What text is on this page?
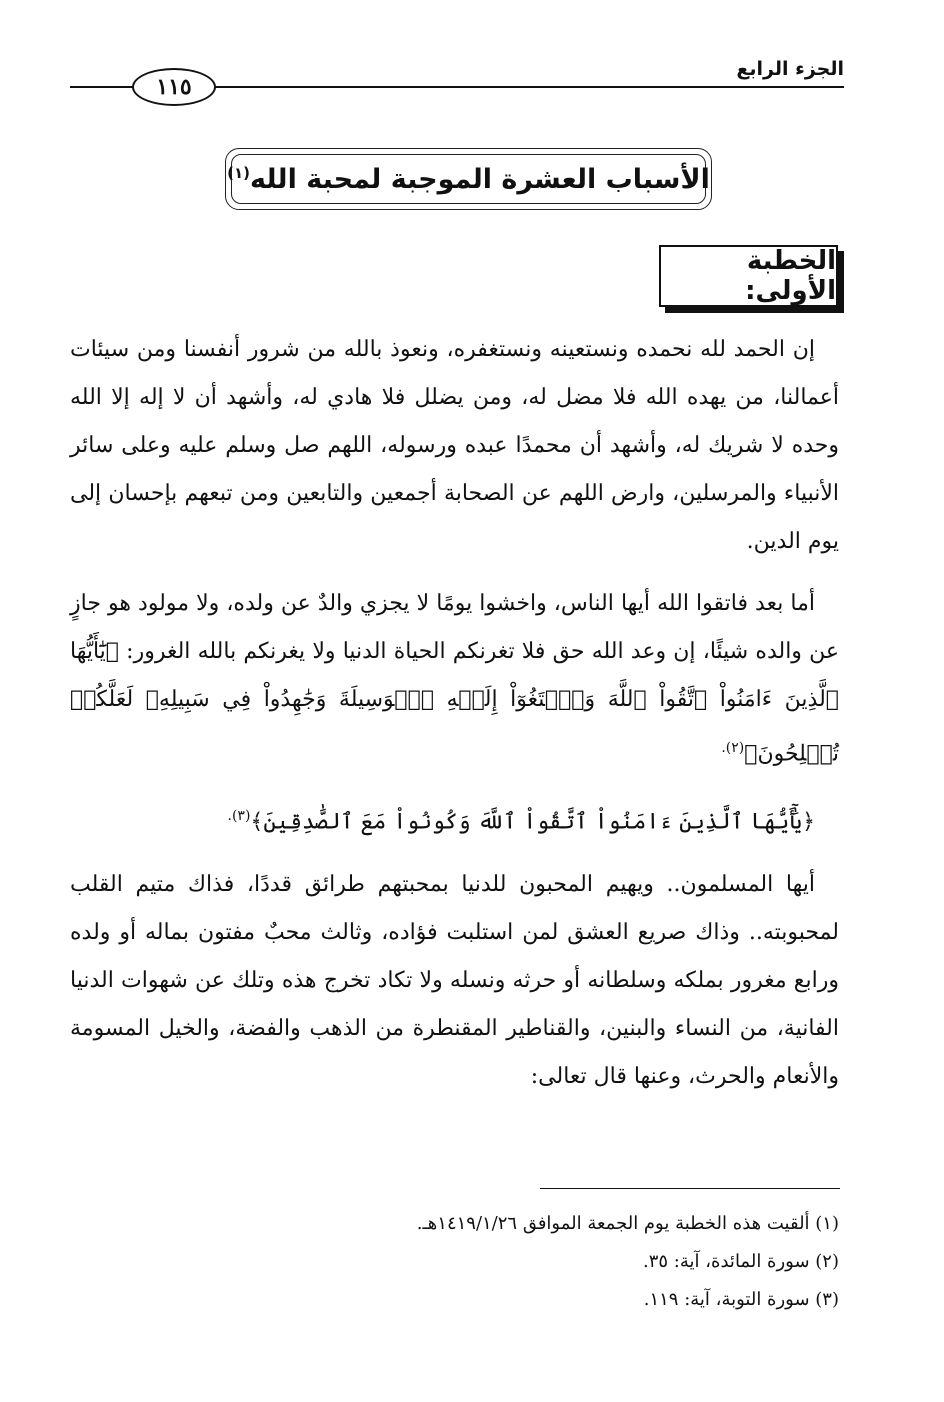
الجزء الرابع
١١٥
الأسباب العشرة الموجبة لمحبة الله$^{(١)}$
الخطبة الأولى:

إن الحمد لله نحمده ونستعينه ونستغفره، ونعوذ بالله من شرور أنفسنا ومن سيئات أعمالنا، من يهده الله فلا مضل له، ومن يضلل فلا هادي له، وأشهد أن لا إله إلا الله وحده لا شريك له، وأشهد أن محمدًا عبده ورسوله، اللهم صل وسلم عليه وعلى سائر الأنبياء والمرسلين، وارض اللهم عن الصحابة أجمعين والتابعين ومن تبعهم بإحسان إلى يوم الدين.

أما بعد فاتقوا الله أيها الناس، واخشوا يومًا لا يجزي والدٌ عن ولده، ولا مولود هو جازٍ عن والده شيئًا، إن وعد الله حق فلا تغرنكم الحياة الدنيا ولا يغرنكم بالله الغرور: ﴿يَٰٓأَيُّهَا ٱلَّذِينَ ءَامَنُواْ ٱتَّقُواْ ٱللَّهَ وَٱبۡتَغُوٓاْ إِلَيۡهِ ٱلۡوَسِيلَةَ وَجَٰهِدُواْ فِي سَبِيلِهِۦ لَعَلَّكُمۡ تُفۡلِحُونَ﴾$^{(٢).}$

﴿يَٰٓأَيُّهَا ٱلَّذِينَ ءَامَنُواْ ٱتَّقُواْ ٱللَّهَ وَكُونُواْ مَعَ ٱلصَّٰدِقِينَ﴾$^{(٣).}$

أيها المسلمون.. ويهيم المحبون للدنيا بمحبتهم طرائق قددًا، فذاك متيم القلب لمحبوبته.. وذاك صريع العشق لمن استلبت فؤاده، وثالث محبٌ مفتون بماله أو ولده ورابع مغرور بملكه وسلطانه أو حرثه ونسله ولا تكاد تخرج هذه وتلك عن شهوات الدنيا الفانية، من النساء والبنين، والقناطير المقنطرة من الذهب والفضة، والخيل المسومة والأنعام والحرث، وعنها قال تعالى:

(١) ألقيت هذه الخطبة يوم الجمعة الموافق ١٤١٩/١/٢٦هـ.
(٢) سورة المائدة، آية: ٣٥.
(٣) سورة التوبة، آية: ١١٩.
